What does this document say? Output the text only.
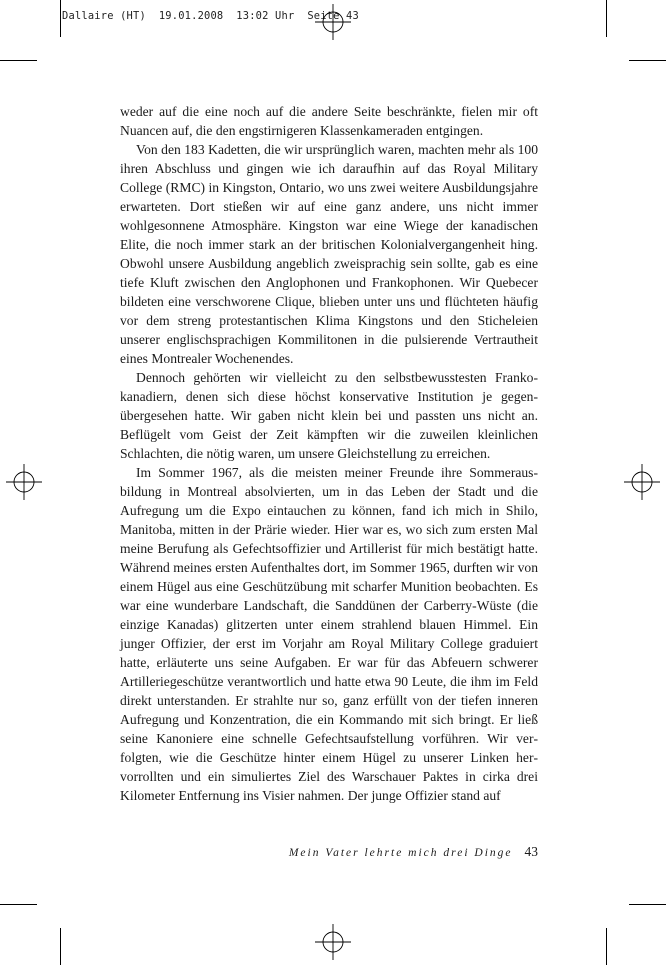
Dallaire (HT)  19.01.2008  13:02 Uhr  Seite 43

weder auf die eine noch auf die andere Seite beschränkte, fielen mir oft Nuancen auf, die den engstirnigeren Klassenkameraden entgingen.

Von den 183 Kadetten, die wir ursprünglich waren, machten mehr als 100 ihren Abschluss und gingen wie ich daraufhin auf das Royal Military College (RMC) in Kingston, Ontario, wo uns zwei weitere Ausbildungsjahre erwarteten. Dort stießen wir auf eine ganz andere, uns nicht immer wohlgesonnene Atmosphäre. Kingston war eine Wiege der kanadischen Elite, die noch immer stark an der britischen Kolonialvergangenheit hing. Obwohl unsere Ausbildung angeblich zweisprachig sein sollte, gab es eine tiefe Kluft zwischen den Anglophonen und Frankophonen. Wir Quebecer bildeten eine verschworene Clique, blieben unter uns und flüchteten häufig vor dem streng protestantischen Klima Kingstons und den Sticheleien unserer englischsprachigen Kommilitonen in die pulsierende Vertrautheit eines Montrealer Wochenendes.

Dennoch gehörten wir vielleicht zu den selbstbewusstesten Frankokanadiern, denen sich diese höchst konservative Institution je gegenübergesehen hatte. Wir gaben nicht klein bei und passten uns nicht an. Beflügelt vom Geist der Zeit kämpften wir die zuweilen kleinlichen Schlachten, die nötig waren, um unsere Gleichstellung zu erreichen.

Im Sommer 1967, als die meisten meiner Freunde ihre Sommerausbildung in Montreal absolvierten, um in das Leben der Stadt und die Aufregung um die Expo eintauchen zu können, fand ich mich in Shilo, Manitoba, mitten in der Prärie wieder. Hier war es, wo sich zum ersten Mal meine Berufung als Gefechtsoffizier und Artillerist für mich bestätigt hatte. Während meines ersten Aufenthaltes dort, im Sommer 1965, durften wir von einem Hügel aus eine Geschützübung mit scharfer Munition beobachten. Es war eine wunderbare Landschaft, die Sanddünen der Carberry-Wüste (die einzige Kanadas) glitzerten unter einem strahlend blauen Himmel. Ein junger Offizier, der erst im Vorjahr am Royal Military College graduiert hatte, erläuterte uns seine Aufgaben. Er war für das Abfeuern schwerer Artilleriegeschütze verantwortlich und hatte etwa 90 Leute, die ihm im Feld direkt unterstanden. Er strahlte nur so, ganz erfüllt von der tiefen inneren Aufregung und Konzentration, die ein Kommando mit sich bringt. Er ließ seine Kanoniere eine schnelle Gefechtsaufstellung vorführen. Wir verfolgten, wie die Geschütze hinter einem Hügel zu unserer Linken hervorrollten und ein simuliertes Ziel des Warschauer Paktes in cirka drei Kilometer Entfernung ins Visier nahmen. Der junge Offizier stand auf

Mein Vater lehrte mich drei Dinge 43
